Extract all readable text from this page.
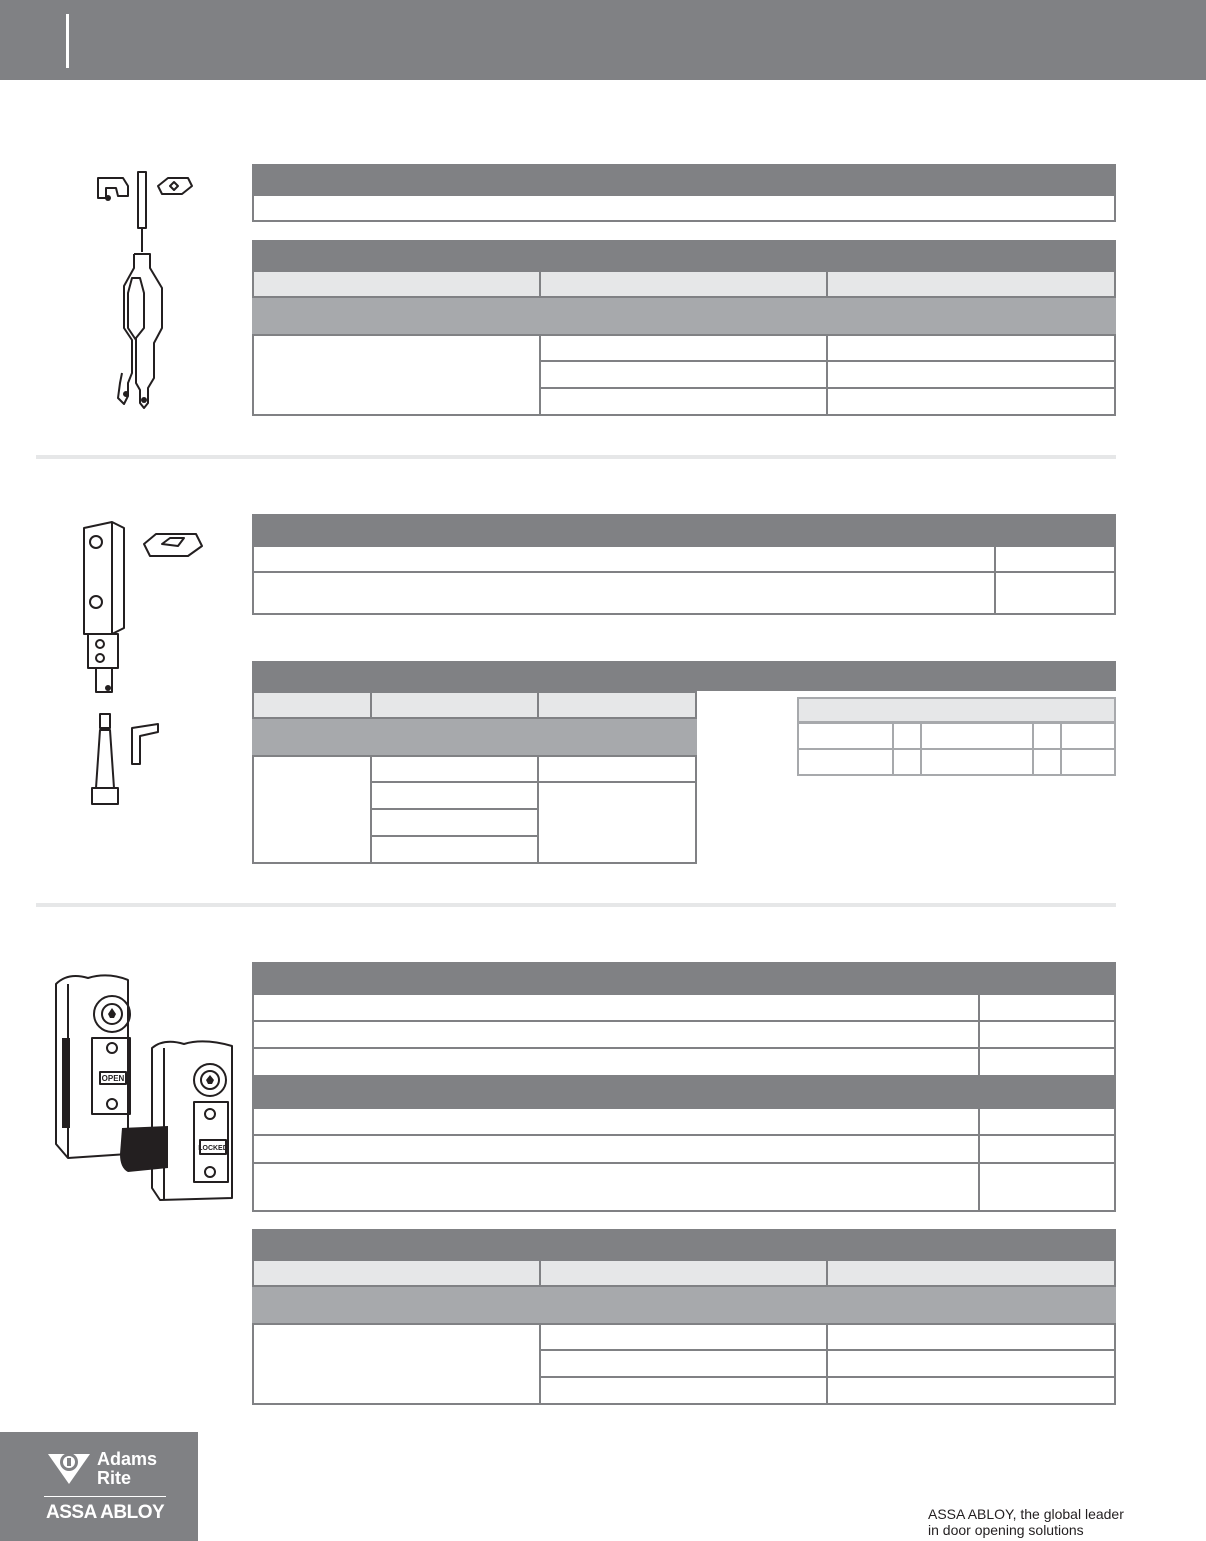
OPEN
LOCKED
Adams
Rite
ASSA ABLOY	ASSA ABLOY, the global leader
in door opening solutions
